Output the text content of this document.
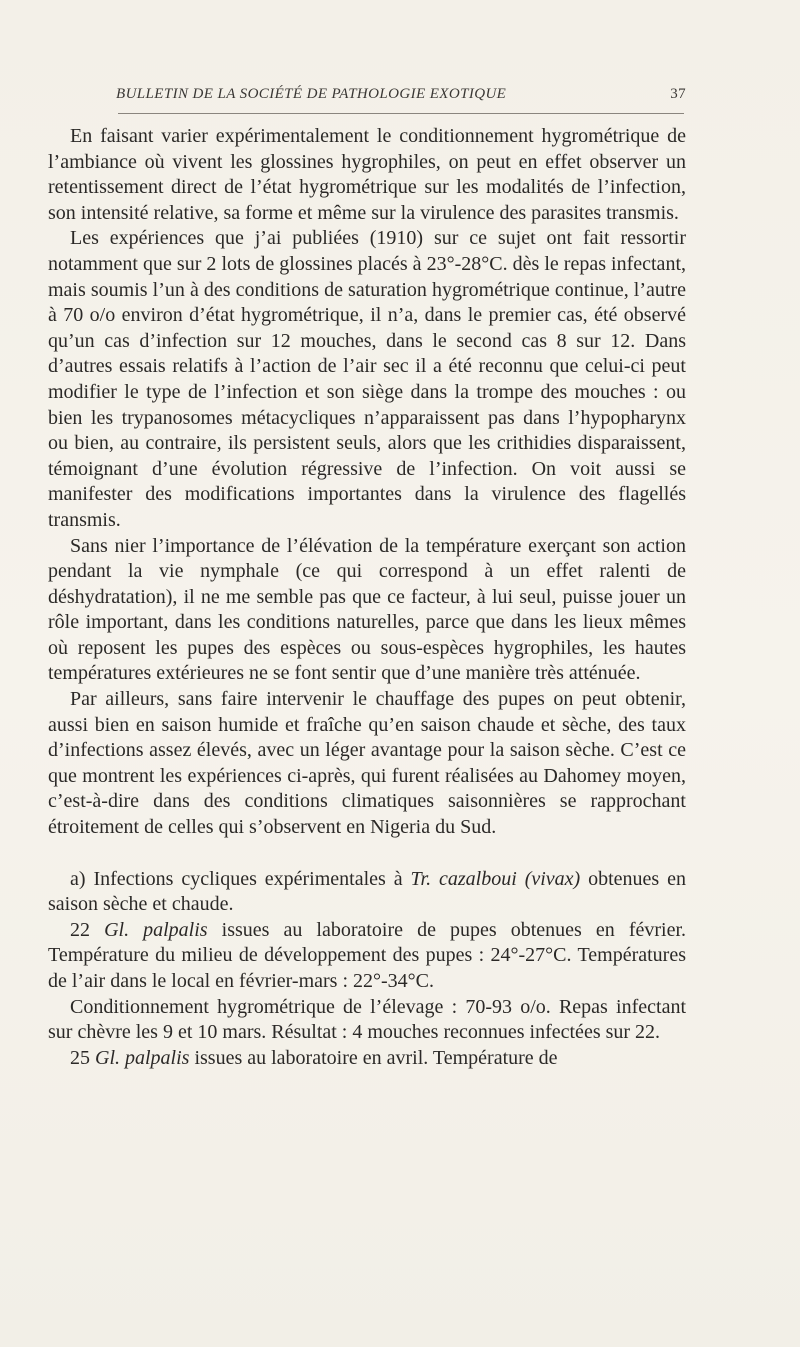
BULLETIN DE LA SOCIÉTÉ DE PATHOLOGIE EXOTIQUE	37

En faisant varier expérimentalement le conditionnement hygrométrique de l’ambiance où vivent les glossines hygrophiles, on peut en effet observer un retentissement direct de l’état hygrométrique sur les modalités de l’infection, son intensité relative, sa forme et même sur la virulence des parasites transmis.

Les expériences que j’ai publiées (1910) sur ce sujet ont fait ressortir notamment que sur 2 lots de glossines placés à 23°-28°C. dès le repas infectant, mais soumis l’un à des conditions de saturation hygrométrique continue, l’autre à 70 o/o environ d’état hygrométrique, il n’a, dans le premier cas, été observé qu’un cas d’infection sur 12 mouches, dans le second cas 8 sur 12. Dans d’autres essais relatifs à l’action de l’air sec il a été reconnu que celui-ci peut modifier le type de l’infection et son siège dans la trompe des mouches : ou bien les trypanosomes métacycliques n’apparaissent pas dans l’hypopharynx ou bien, au contraire, ils persistent seuls, alors que les crithidies disparaissent, témoignant d’une évolution régressive de l’infection. On voit aussi se manifester des modifications importantes dans la virulence des flagellés transmis.

Sans nier l’importance de l’élévation de la température exerçant son action pendant la vie nymphale (ce qui correspond à un effet ralenti de déshydratation), il ne me semble pas que ce facteur, à lui seul, puisse jouer un rôle important, dans les conditions naturelles, parce que dans les lieux mêmes où reposent les pupes des espèces ou sous-espèces hygrophiles, les hautes températures extérieures ne se font sentir que d’une manière très atténuée.

Par ailleurs, sans faire intervenir le chauffage des pupes on peut obtenir, aussi bien en saison humide et fraîche qu’en saison chaude et sèche, des taux d’infections assez élevés, avec un léger avantage pour la saison sèche. C’est ce que montrent les expériences ci-après, qui furent réalisées au Dahomey moyen, c’est-à-dire dans des conditions climatiques saisonnières se rapprochant étroitement de celles qui s’observent en Nigeria du Sud.

a) Infections cycliques expérimentales à Tr. cazalboui (vivax) obtenues en saison sèche et chaude.

22 Gl. palpalis issues au laboratoire de pupes obtenues en février. Température du milieu de développement des pupes : 24°-27°C. Températures de l’air dans le local en février-mars : 22°-34°C.

Conditionnement hygrométrique de l’élevage : 70-93 o/o. Repas infectant sur chèvre les 9 et 10 mars. Résultat : 4 mouches reconnues infectées sur 22.

25 Gl. palpalis issues au laboratoire en avril. Température de
